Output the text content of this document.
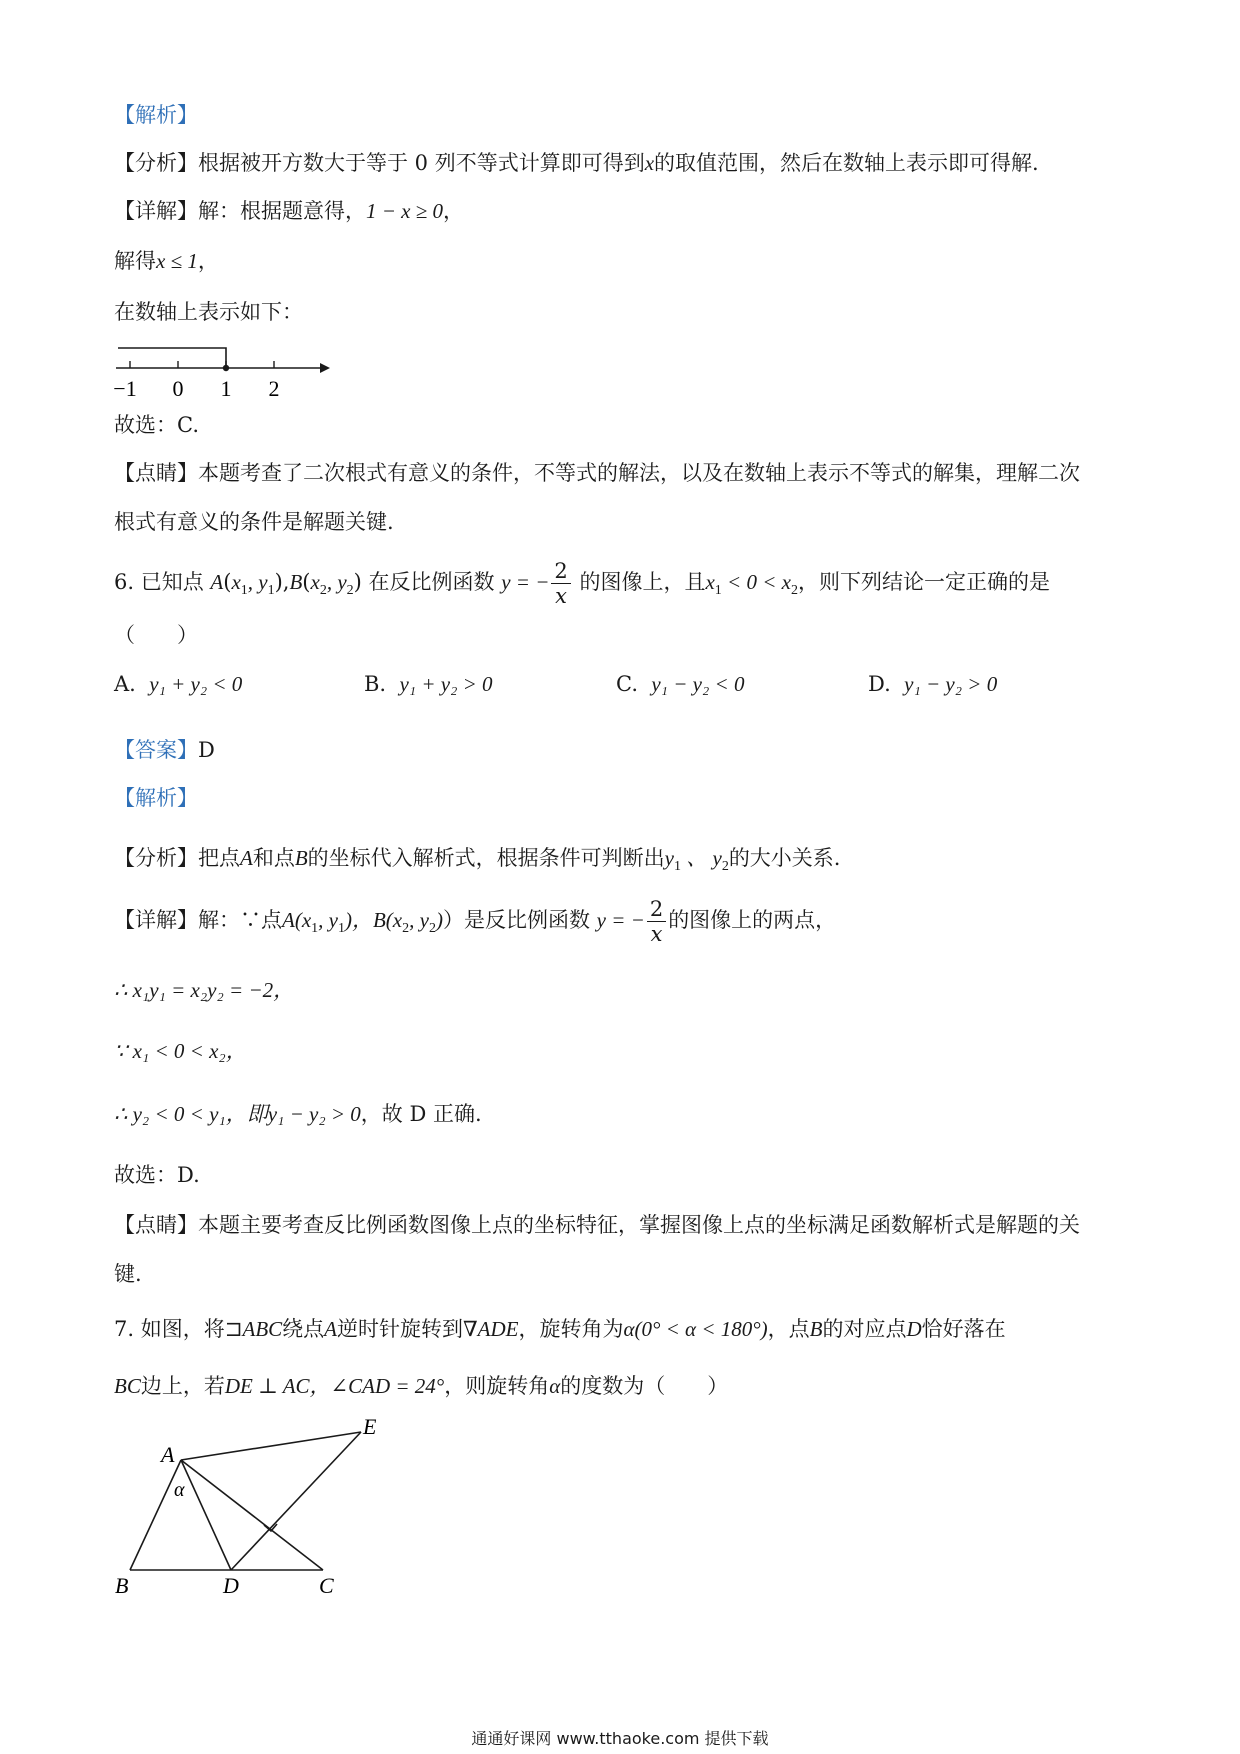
【解析】
【分析】根据被开方数大于等于 0 列不等式计算即可得到x的取值范围，然后在数轴上表示即可得解.
【详解】解：根据题意得，1 − x ≥ 0，
解得x ≤ 1，
在数轴上表示如下：
−1 0 1 2
故选：C.
【点睛】本题考查了二次根式有意义的条件，不等式的解法，以及在数轴上表示不等式的解集，理解二次
根式有意义的条件是解题关键.
6. 已知点 $A(x_1$, $y_1),B(x_2$, $y_2$) 在反比例函数 y = − $\frac{2}{x}$ 的图像上，且$x_1 < 0 < x_2$，则下列结论一定正确的是
（　　）
A. y₁ + y₂ < 0	B. y₁ + y₂ > 0	C. y₁ − y₂ < 0	D. y₁ − y₂ > 0
【答案】D
【解析】
【分析】把点A和点B的坐标代入解析式，根据条件可判断出$y_1$ 、 $y_2$的大小关系.
【详解】解：∵点$A(x_1$, $y_1$)，$B(x_2$, $y_2$)）是反比例函数 y = − $\frac{2}{x}$ 的图像上的两点，
∴ x₁y₁ = x₂y₂ = −2，
∵ x₁ < 0 < x₂，
∴ y₂ < 0 < y₁，即y₁ − y₂ > 0，故 D 正确.
故选：D.
【点睛】本题主要考查反比例函数图像上点的坐标特征，掌握图像上点的坐标满足函数解析式是解题的关
键.
7. 如图，将⊐ABC绕点A逆时针旋转到∇ADE，旋转角为α(0° < α < 180°)，点B的对应点D恰好落在
BC边上，若DE ⊥ AC，∠CAD = 24°，则旋转角α的度数为（　　）
A
B	D	C
E
α
通通好课网 www.tthaoke.com 提供下载
